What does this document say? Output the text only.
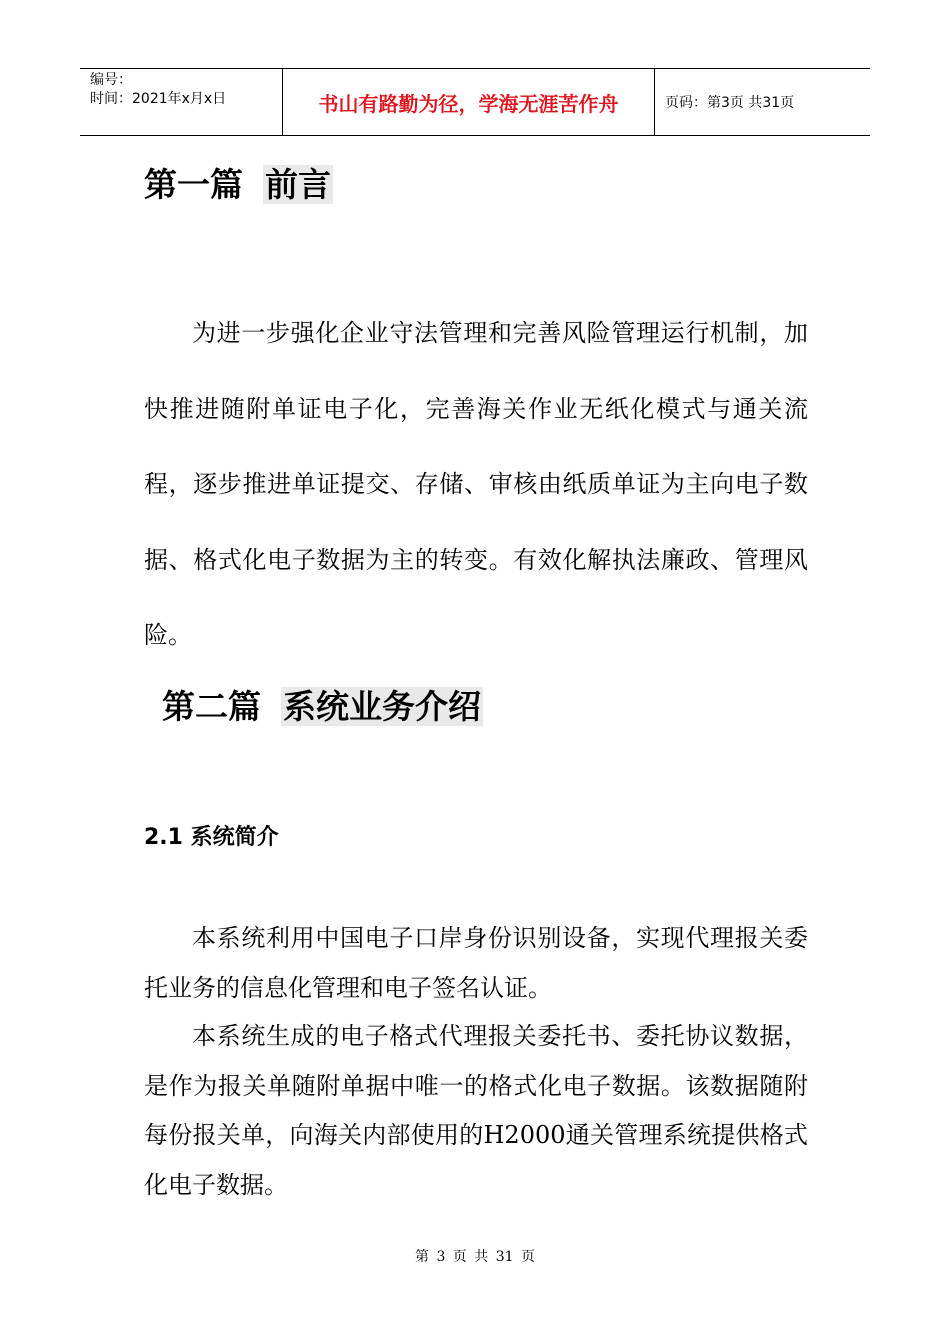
编号：
时间：2021年x月x日	书山有路勤为径，学海无涯苦作舟	页码：第3页 共31页
第一篇 前言

为进一步强化企业守法管理和完善风险管理运行机制，加快推进随附单证电子化，完善海关作业无纸化模式与通关流程，逐步推进单证提交、存储、审核由纸质单证为主向电子数据、格式化电子数据为主的转变。有效化解执法廉政、管理风险。

第二篇 系统业务介绍
2.1 系统简介

本系统利用中国电子口岸身份识别设备，实现代理报关委托业务的信息化管理和电子签名认证。

本系统生成的电子格式代理报关委托书、委托协议数据，是作为报关单随附单据中唯一的格式化电子数据。该数据随附每份报关单，向海关内部使用的H2000通关管理系统提供格式化电子数据。

第 3 页 共 31 页
